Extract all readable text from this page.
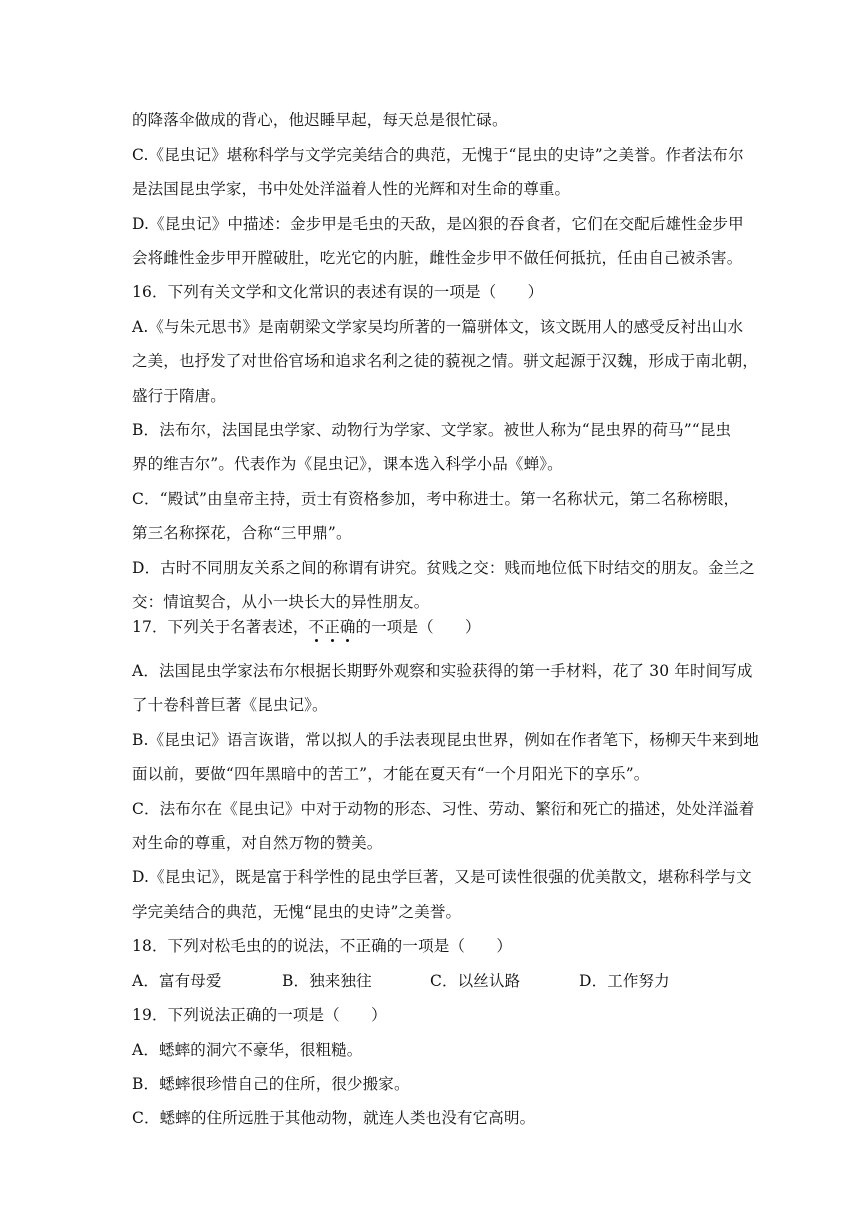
的降落伞做成的背心，他迟睡早起，每天总是很忙碌。
C.《昆虫记》堪称科学与文学完美结合的典范，无愧于“昆虫的史诗”之美誉。作者法布尔
是法国昆虫学家，书中处处洋溢着人性的光辉和对生命的尊重。
D.《昆虫记》中描述：金步甲是毛虫的天敌，是凶狠的吞食者，它们在交配后雄性金步甲
会将雌性金步甲开膛破肚，吃光它的内脏，雌性金步甲不做任何抵抗，任由自己被杀害。
16．下列有关文学和文化常识的表述有误的一项是（　　）
A.《与朱元思书》是南朝梁文学家吴均所著的一篇骈体文，该文既用人的感受反衬出山水
之美，也抒发了对世俗官场和追求名利之徒的藐视之情。骈文起源于汉魏，形成于南北朝，
盛行于隋唐。
B．法布尔，法国昆虫学家、动物行为学家、文学家。被世人称为“昆虫界的荷马”“昆虫
界的维吉尔”。代表作为《昆虫记》，课本选入科学小品《蝉》。
C．“殿试”由皇帝主持，贡士有资格参加，考中称进士。第一名称状元，第二名称榜眼，
第三名称探花，合称“三甲鼎”。
D．古时不同朋友关系之间的称谓有讲究。贫贱之交：贱而地位低下时结交的朋友。金兰之
交：情谊契合，从小一块长大的异性朋友。
17．下列关于名著表述，不正确的一项是（　　）
A．法国昆虫学家法布尔根据长期野外观察和实验获得的第一手材料，花了 30 年时间写成
了十卷科普巨著《昆虫记》。
B.《昆虫记》语言诙谐，常以拟人的手法表现昆虫世界，例如在作者笔下，杨柳天牛来到地
面以前，要做“四年黑暗中的苦工”，才能在夏天有“一个月阳光下的享乐”。
C．法布尔在《昆虫记》中对于动物的形态、习性、劳动、繁衍和死亡的描述，处处洋溢着
对生命的尊重，对自然万物的赞美。
D.《昆虫记》，既是富于科学性的昆虫学巨著，又是可读性很强的优美散文，堪称科学与文
学完美结合的典范，无愧“昆虫的史诗”之美誉。
18．下列对松毛虫的的说法，不正确的一项是（　　）
A．富有母爱	B．独来独往	C．以丝认路	D．工作努力
19．下列说法正确的一项是（　　）
A．蟋蟀的洞穴不豪华，很粗糙。
B．蟋蟀很珍惜自己的住所，很少搬家。
C．蟋蟀的住所远胜于其他动物，就连人类也没有它高明。
